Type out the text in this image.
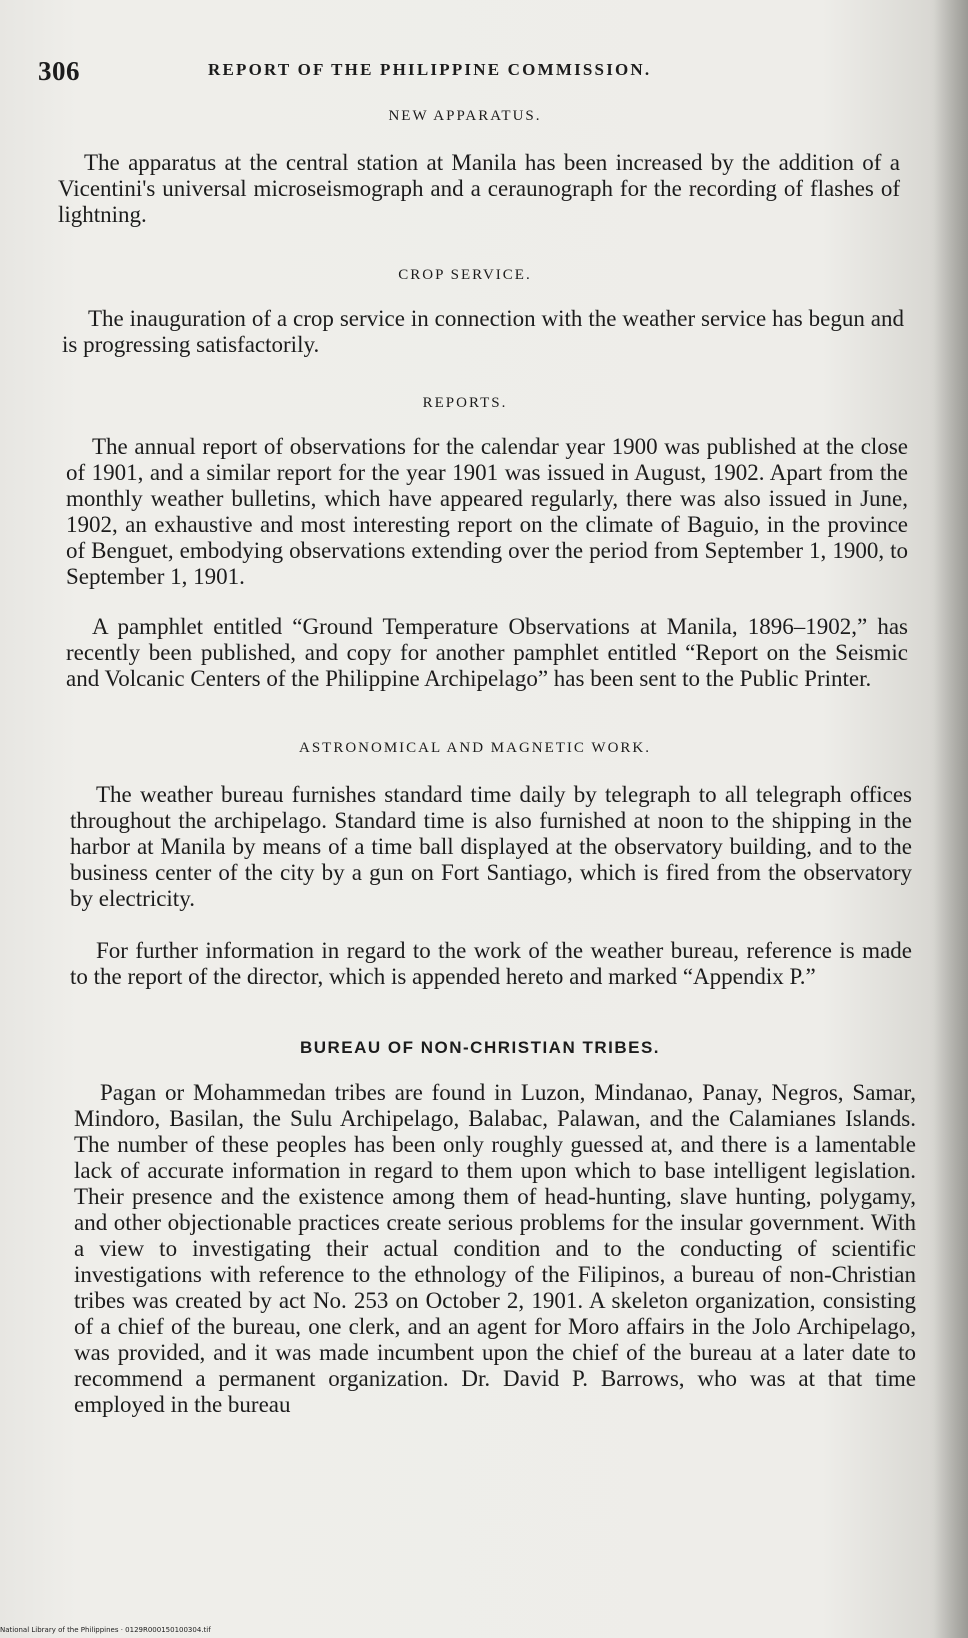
306	REPORT OF THE PHILIPPINE COMMISSION.
NEW APPARATUS.

The apparatus at the central station at Manila has been increased by the addition of a Vicentini's universal microseismograph and a ceraunograph for the recording of flashes of lightning.

CROP SERVICE.

The inauguration of a crop service in connection with the weather service has begun and is progressing satisfactorily.

REPORTS.

The annual report of observations for the calendar year 1900 was published at the close of 1901, and a similar report for the year 1901 was issued in August, 1902. Apart from the monthly weather bulletins, which have appeared regularly, there was also issued in June, 1902, an exhaustive and most interesting report on the climate of Baguio, in the province of Benguet, embodying observations extending over the period from September 1, 1900, to September 1, 1901.

A pamphlet entitled “Ground Temperature Observations at Manila, 1896–1902,” has recently been published, and copy for another pamphlet entitled “Report on the Seismic and Volcanic Centers of the Philippine Archipelago” has been sent to the Public Printer.

ASTRONOMICAL AND MAGNETIC WORK.

The weather bureau furnishes standard time daily by telegraph to all telegraph offices throughout the archipelago. Standard time is also furnished at noon to the shipping in the harbor at Manila by means of a time ball displayed at the observatory building, and to the business center of the city by a gun on Fort Santiago, which is fired from the observatory by electricity.

For further information in regard to the work of the weather bureau, reference is made to the report of the director, which is appended hereto and marked “Appendix P.”

BUREAU OF NON-CHRISTIAN TRIBES.

Pagan or Mohammedan tribes are found in Luzon, Mindanao, Panay, Negros, Samar, Mindoro, Basilan, the Sulu Archipelago, Balabac, Palawan, and the Calamianes Islands. The number of these peoples has been only roughly guessed at, and there is a lamentable lack of accurate information in regard to them upon which to base intelligent legislation. Their presence and the existence among them of head-hunting, slave hunting, polygamy, and other objectionable practices create serious problems for the insular government. With a view to investigating their actual condition and to the conducting of scientific investigations with reference to the ethnology of the Filipinos, a bureau of non-Christian tribes was created by act No. 253 on October 2, 1901. A skeleton organization, consisting of a chief of the bureau, one clerk, and an agent for Moro affairs in the Jolo Archipelago, was provided, and it was made incumbent upon the chief of the bureau at a later date to recommend a permanent organization. Dr. David P. Barrows, who was at that time employed in the bureau

National Library of the Philippines · 0129R000150100304.tif
